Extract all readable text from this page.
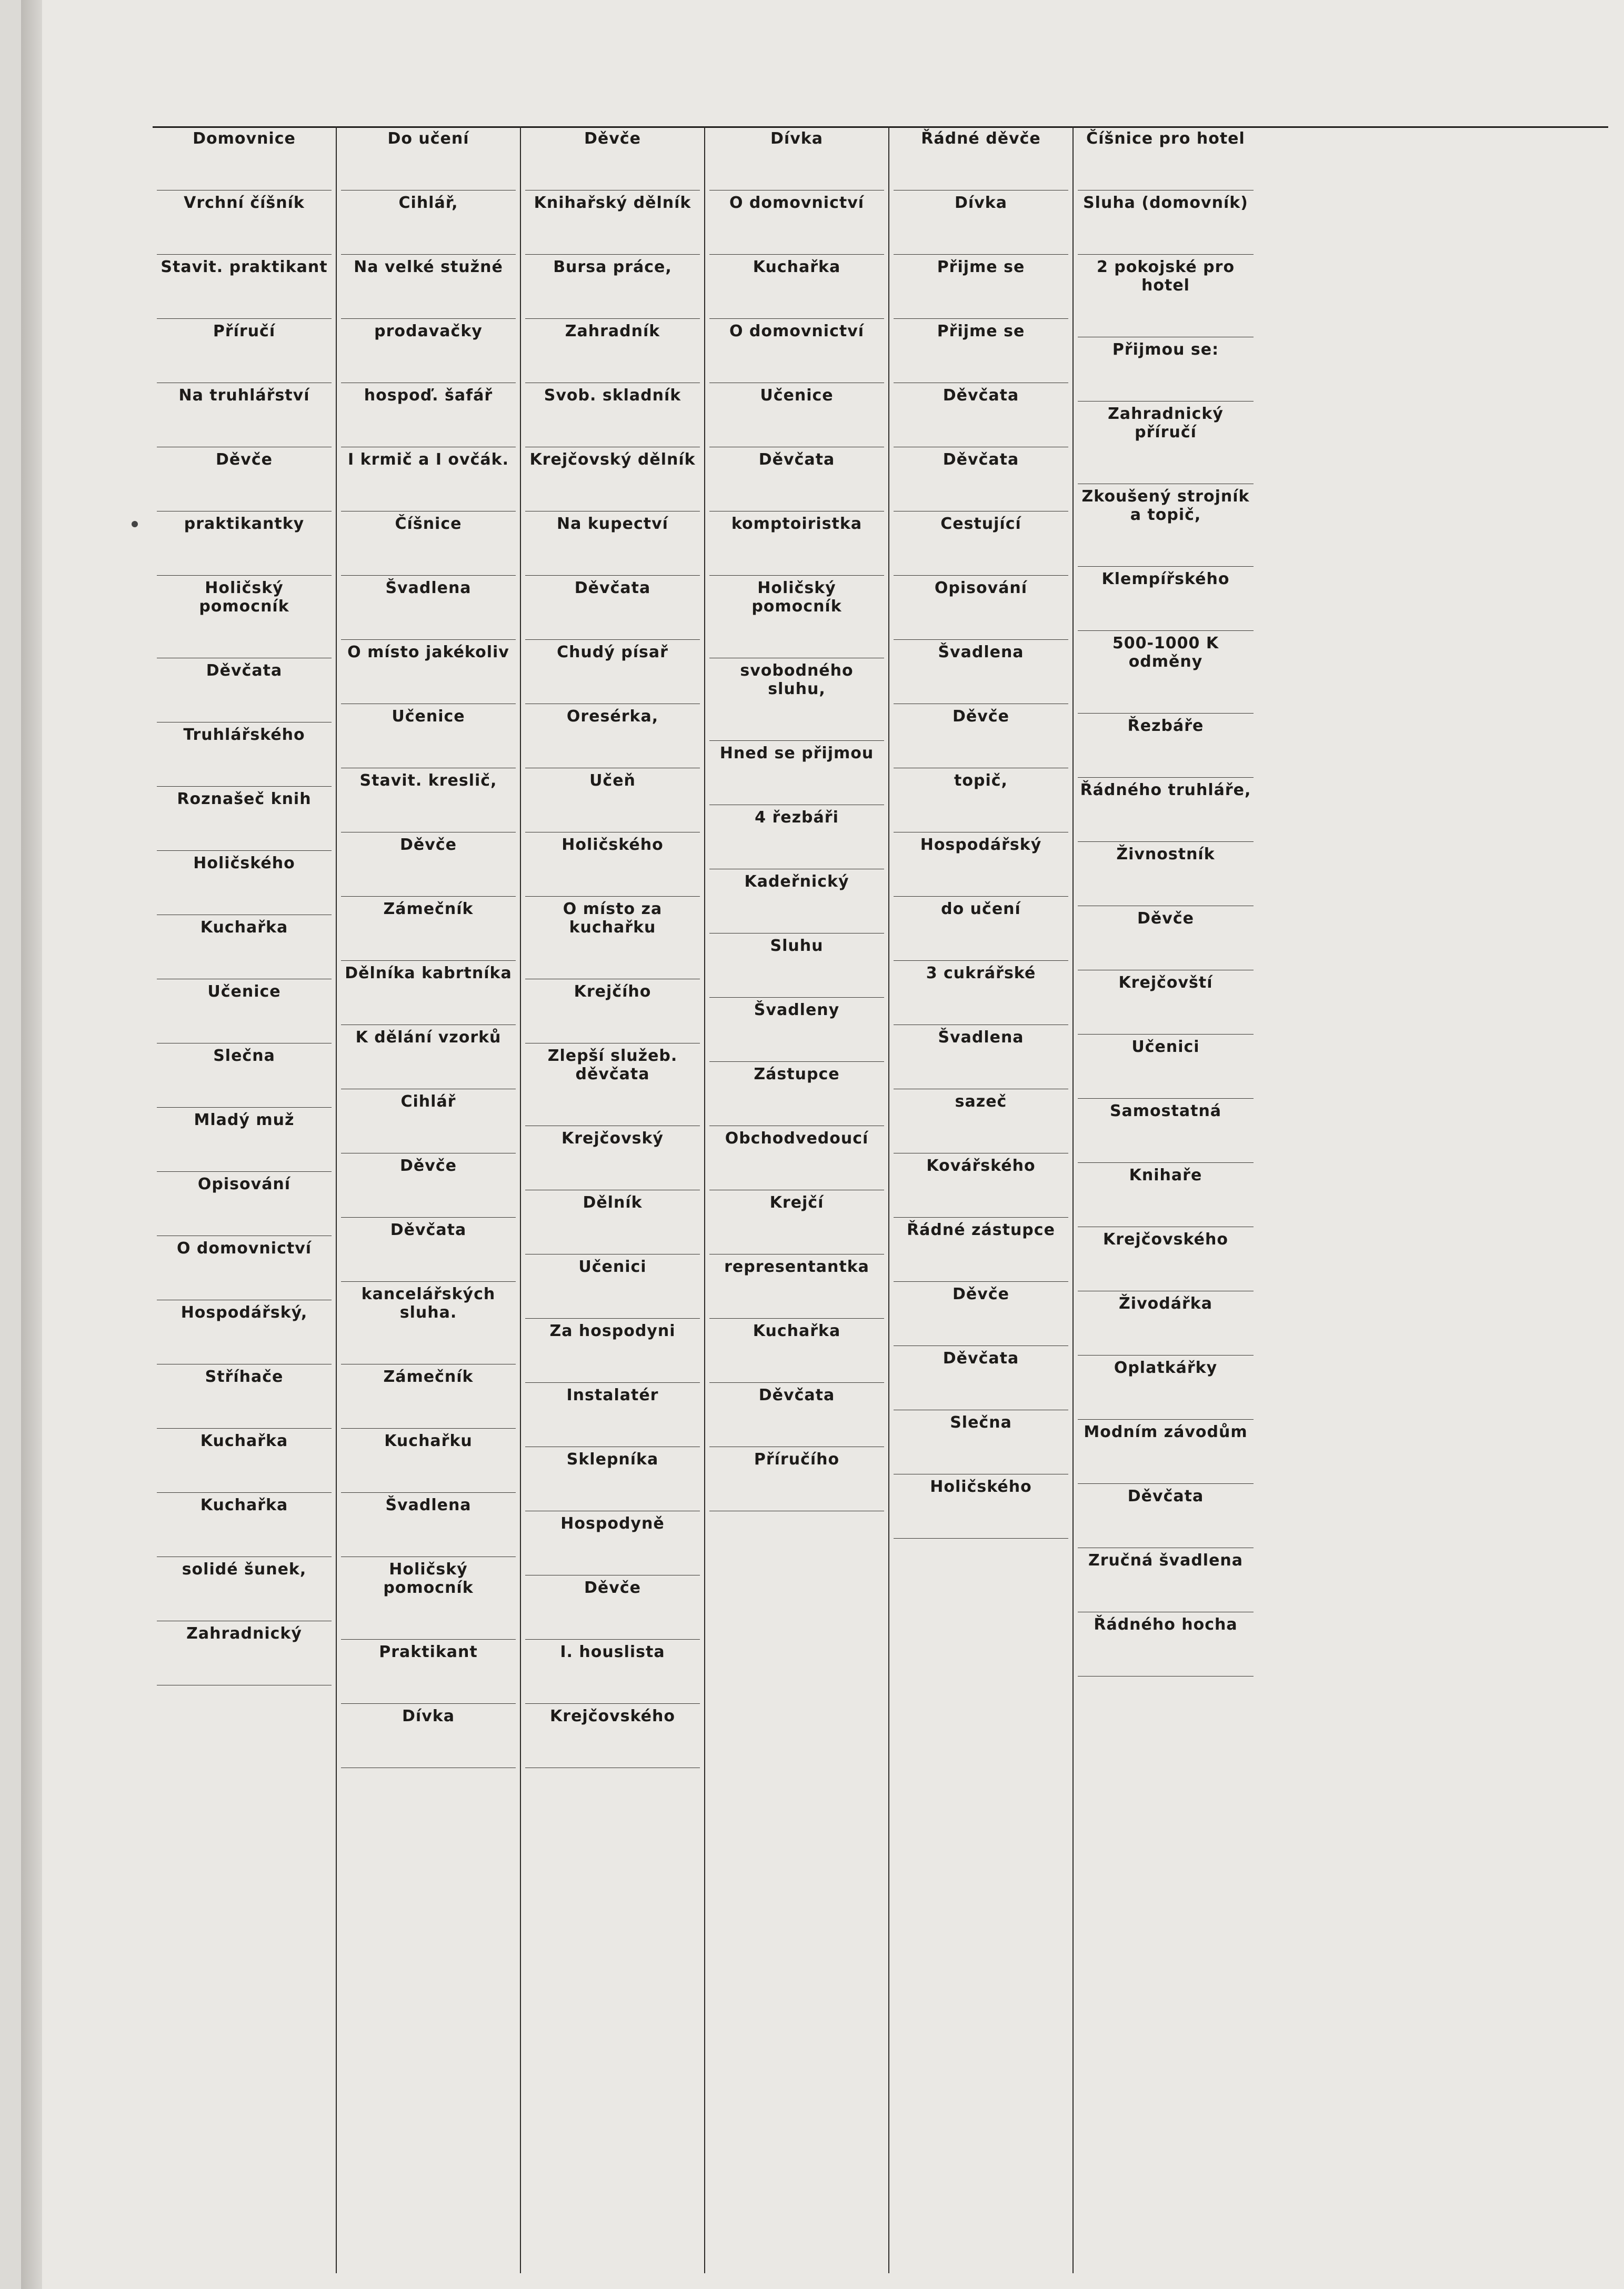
Domovnice
Vrchní číšník
Stavit. praktikant
Příručí
Na truhlářství
Děvče
praktikantky
Holičský pomocník
Děvčata
Truhlářského
Roznašeč knih
Holičského
Kuchařka
Učenice
Slečna
Mladý muž
Opisování
O domovnictví
Hospodářský,
Stříhače
Kuchařka
Kuchařka
solidé šunek,
Zahradnický
Do učení
Cihlář,
Na velké stužné
prodavačky
hospoď. šafář
I krmič a I ovčák.
Číšnice
Švadlena
O místo jakékoliv
Učenice
Stavit. kreslič,
Děvče
Zámečník
Dělníka kabrtníka
K dělání vzorků
Cihlář
Děvče
Děvčata
kancelářských sluha.
Zámečník
Kuchařku
Švadlena
Holičský pomocník
Praktikant
Dívka
Děvče
Knihařský dělník
Bursa práce,
Zahradník
Svob. skladník
Krejčovský dělník
Na kupectví
Děvčata
Chudý písař
Oresérka,
Učeň
Holičského
O místo za kuchařku
Krejčího
Zlepší služeb. děvčata
Krejčovský
Dělník
Učenici
Za hospodyni
Instalatér
Sklepníka
Hospodyně
Děvče
I. houslista
Krejčovského
Dívka
O domovnictví
Kuchařka
O domovnictví
Učenice
Děvčata
komptoiristka
Holičský pomocník
svobodného sluhu,
Hned se přijmou
4 řezbáři
Kadeřnický
Sluhu
Švadleny
Zástupce
Obchodvedoucí
Krejčí
representantka
Kuchařka
Děvčata
Příručího
Řádné děvče
Dívka
Přijme se
Přijme se
Děvčata
Děvčata
Cestující
Opisování
Švadlena
Děvče
topič,
Hospodářský
do učení
3 cukrářské
Švadlena
sazeč
Kovářského
Řádné zástupce
Děvče
Děvčata
Slečna
Holičského
Číšnice pro hotel
Sluha (domovník)
2 pokojské pro hotel
Přijmou se:
Zahradnický příručí
Zkoušený strojník a topič,
Klempířského
500-1000 K odměny
Řezbáře
Řádného truhláře,
Živnostník
Děvče
Krejčovští
Učenici
Samostatná
Knihaře
Krejčovského
Živodářka
Oplatkářky
Modním závodům
Děvčata
Zručná švadlena
Řádného hocha
